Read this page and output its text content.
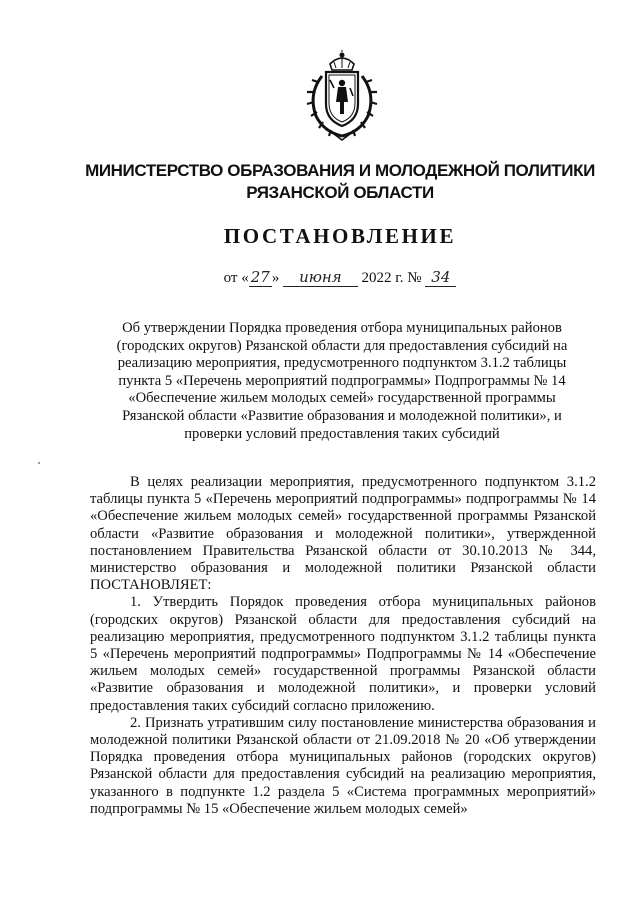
МИНИСТЕРСТВО ОБРАЗОВАНИЯ И МОЛОДЕЖНОЙ ПОЛИТИКИ
РЯЗАНСКОЙ ОБЛАСТИ
ПОСТАНОВЛЕНИЕ
от « 27 » июня 2022 г. № 34
Об утверждении Порядка проведения отбора муниципальных районов
(городских округов) Рязанской области для предоставления субсидий на
реализацию мероприятия, предусмотренного подпунктом 3.1.2 таблицы
пункта 5 «Перечень мероприятий подпрограммы» Подпрограммы № 14
«Обеспечение жильем молодых семей» государственной программы
Рязанской области «Развитие образования и молодежной политики», и
проверки условий предоставления таких субсидий

В целях реализации мероприятия, предусмотренного подпунктом 3.1.2 таблицы пункта 5 «Перечень мероприятий подпрограммы» подпрограммы № 14 «Обеспечение жильем молодых семей» государственной программы Рязанской области «Развитие образования и молодежной политики», утвержденной постановлением Правительства Рязанской области от 30.10.2013 № 344, министерство образования и молодежной политики Рязанской области ПОСТАНОВЛЯЕТ:

1. Утвердить Порядок проведения отбора муниципальных районов (городских округов) Рязанской области для предоставления субсидий на реализацию мероприятия, предусмотренного подпунктом 3.1.2 таблицы пункта 5 «Перечень мероприятий подпрограммы» Подпрограммы № 14 «Обеспечение жильем молодых семей» государственной программы Рязанской области «Развитие образования и молодежной политики», и проверки условий предоставления таких субсидий согласно приложению.

2. Признать утратившим силу постановление министерства образования и молодежной политики Рязанской области от 21.09.2018 № 20 «Об утверждении Порядка проведения отбора муниципальных районов (городских округов) Рязанской области для предоставления субсидий на реализацию мероприятия, указанного в подпункте 1.2 раздела 5 «Система программных мероприятий» подпрограммы № 15 «Обеспечение жильем молодых семей»
